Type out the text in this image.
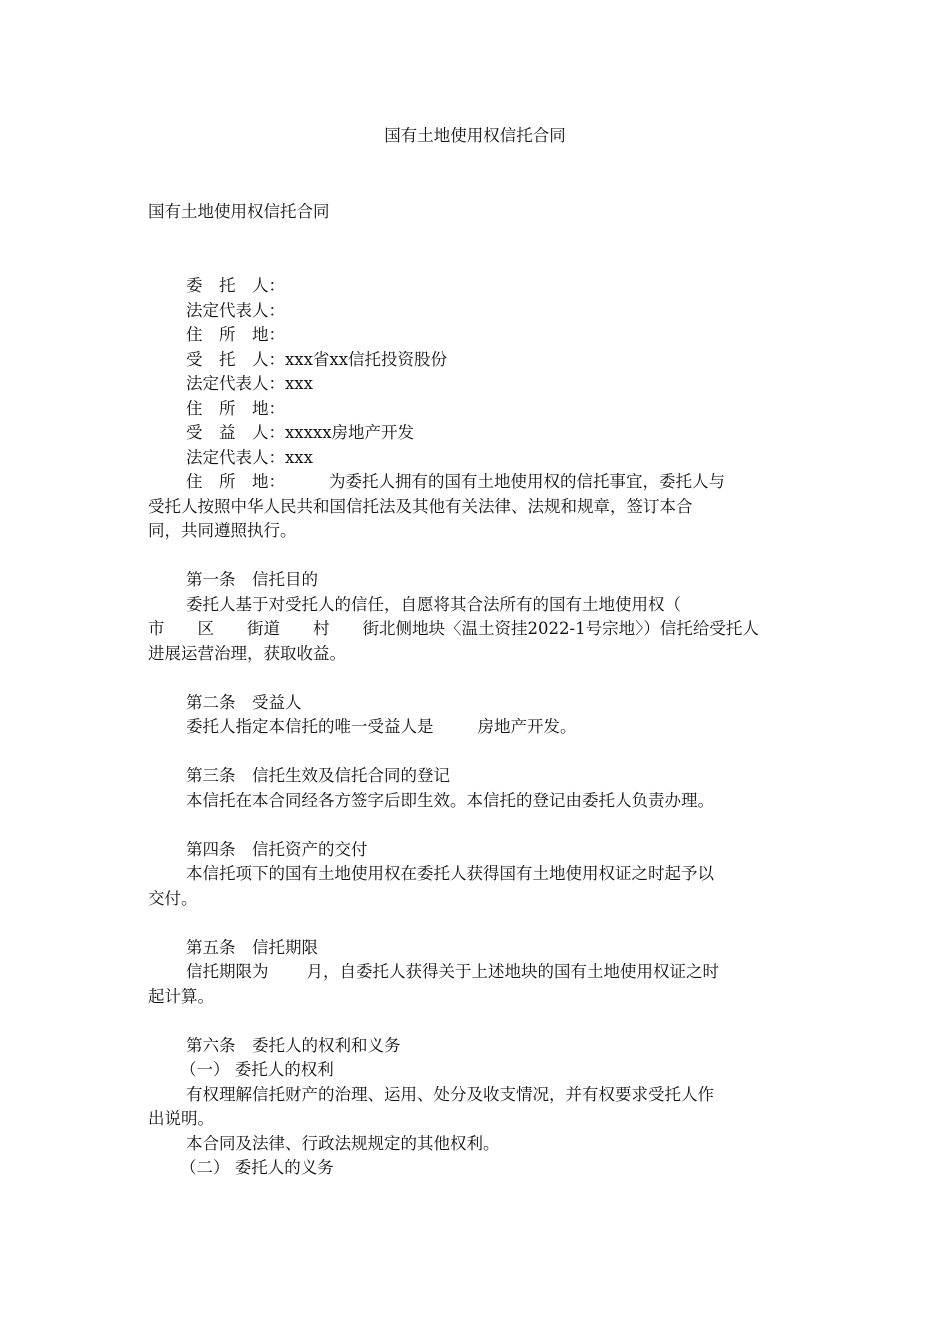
国有土地使用权信托合同
国有土地使用权信托合同

委　托　人：

法定代表人：

住　所　地：

受　托　人：xxx省xx信托投资股份

法定代表人：xxx

住　所　地：

受　益　人：xxxxx房地产开发

法定代表人：xxx

住　所　地：	为委托人拥有的国有土地使用权的信托事宜，委托人与

受托人按照中华人民共和国信托法及其他有关法律、法规和规章，签订本合

同，共同遵照执行。

第一条　信托目的

委托人基于对受托人的信任，自愿将其合法所有的国有土地使用权（

市　　区　　街道　　村　　街北侧地块〈温土资挂2022-1号宗地〉）信托给受托人

进展运营治理，获取收益。

第二条　受益人

委托人指定本信托的唯一受益人是	房地产开发。

第三条　信托生效及信托合同的登记

本信托在本合同经各方签字后即生效。本信托的登记由委托人负责办理。

第四条　信托资产的交付

本信托项下的国有土地使用权在委托人获得国有土地使用权证之时起予以

交付。

第五条　信托期限

信托期限为 月，自委托人获得关于上述地块的国有土地使用权证之时

起计算。

第六条　委托人的权利和义务

（一） 委托人的权利

有权理解信托财产的治理、运用、处分及收支情况，并有权要求受托人作

出说明。

本合同及法律、行政法规规定的其他权利。

（二） 委托人的义务
